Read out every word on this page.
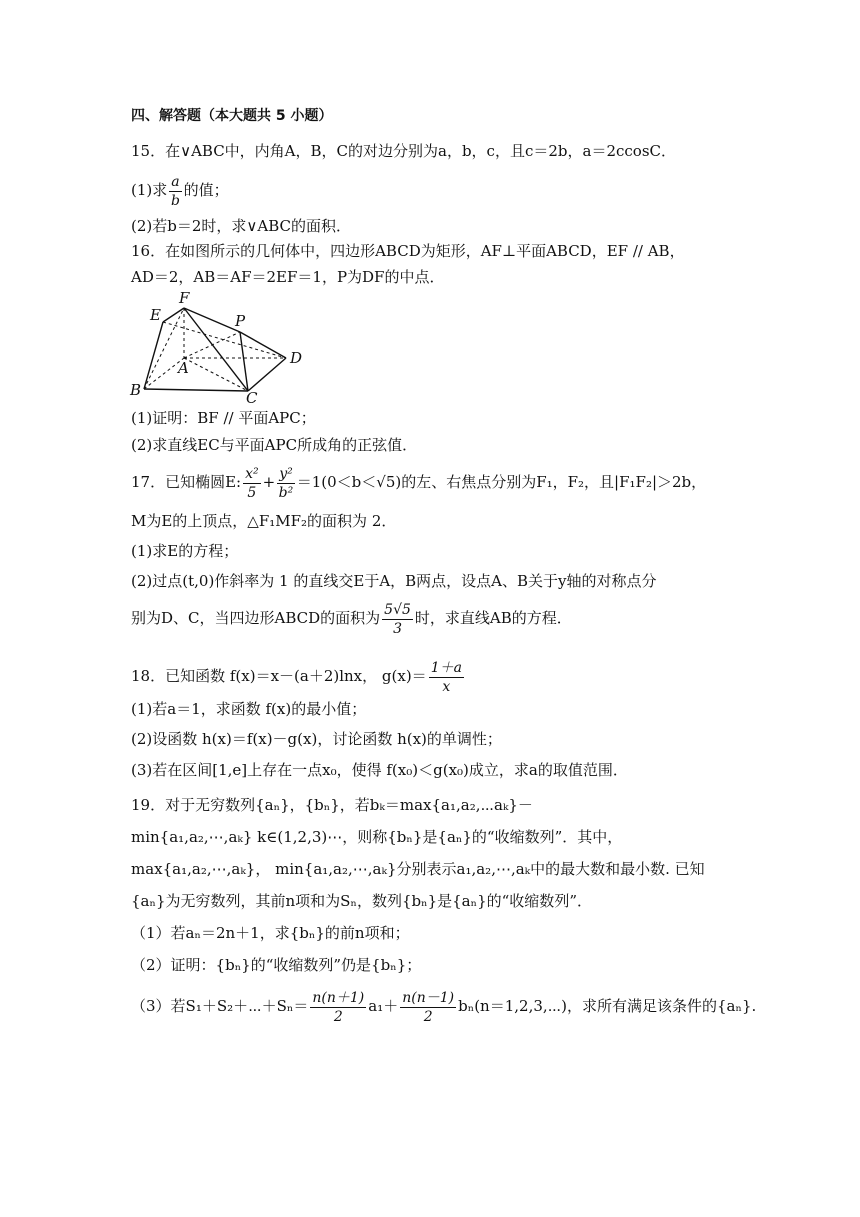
四、解答题（本大题共 5 小题）
15．在∨ABC中，内角A，B，C的对边分别为a，b，c，且c＝2b，a＝2ccosC．
(1)求 $\frac{a}{b}$ 的值；
(2)若b＝2时，求∨ABC的面积．
16．在如图所示的几何体中，四边形ABCD为矩形，AF⊥平面ABCD，EF // AB，
AD＝2，AB＝AF＝2EF＝1，P为DF的中点．
F
E	P
A
D
B	C
(1)证明：BF // 平面APC；
(2)求直线EC与平面APC所成角的正弦值．
17．已知椭圆E: $\frac{\text{x²}}{5} + \frac{\text{y²}}{\text{b²}} =1(0<b<√5)$的左、右焦点分别为F₁，F₂，且|F₁F₂|＞2b，
M为E的上顶点，△F₁MF₂的面积为 2．
(1)求E的方程；
(2)过点(t,0)作斜率为 1 的直线交E于A，B两点，设点A、B关于y轴的对称点分
别为D、C，当四边形ABCD的面积为 $\frac{5√5}{3}$ 时，求直线AB的方程．
18．已知函数 f(x)＝x－(a＋2)lnx， $g(x)= \frac{1+a}{x}$
(1)若a＝1，求函数 f(x)的最小值；
(2)设函数 h(x)＝f(x)－g(x)，讨论函数 h(x)的单调性；
(3)若在区间[1,e]上存在一点x₀，使得 f(x₀)＜g(x₀)成立，求a的取值范围．
19．对于无穷数列{aₙ}，{bₙ}，若bₖ＝max{a₁,a₂,⋯aₖ}－
min{a₁,a₂,⋯,aₖ} k∈(1,2,3)⋯，则称{bₙ}是{aₙ}的“收缩数列”．其中，
max{a₁,a₂,⋯,aₖ}， min{a₁,a₂,⋯,aₖ}分别表示a₁,a₂,⋯,aₖ中的最大数和最小数. 已知
{aₙ}为无穷数列，其前n项和为Sₙ，数列{bₙ}是{aₙ}的“收缩数列”．
（1）若aₙ＝2n＋1，求{bₙ}的前n项和；
（2）证明：{bₙ}的“收缩数列”仍是{bₙ}；
（3）若S₁＋S₂＋⋯＋Sₙ＝ $\frac{n(n+1)}{2} a_1+ \frac{n(n-1)}{2}$ bₙ(n＝1,2,3,⋯)，求所有满足该条件的{aₙ}.
